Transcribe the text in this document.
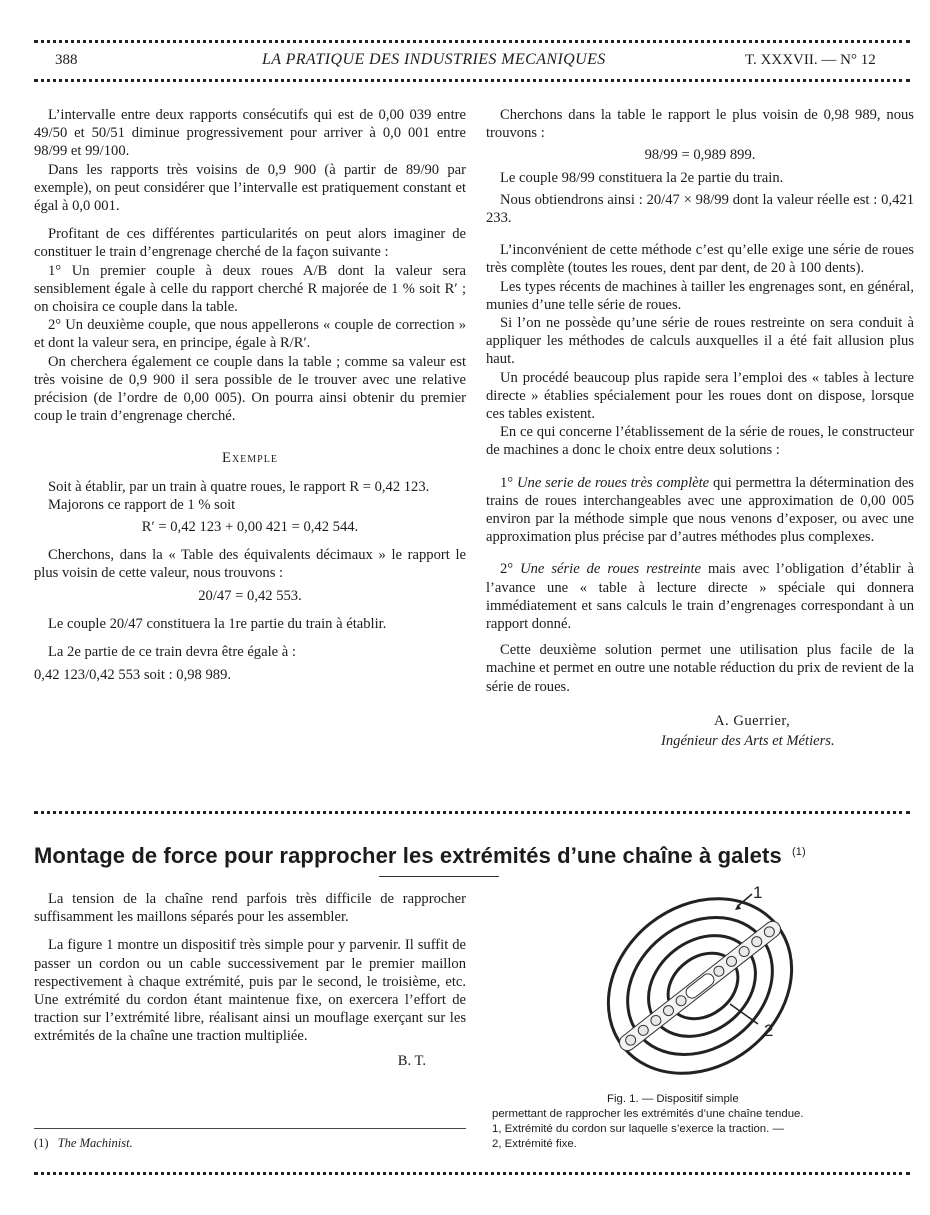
388	LA PRATIQUE DES INDUSTRIES MECANIQUES	T. XXXVII. — N° 12

L’intervalle entre deux rapports consécutifs qui est de 0,00 039 entre 49/50 et 50/51 diminue progressivement pour arriver à 0,0 001 entre 98/99 et 99/100.

Dans les rapports très voisins de 0,9 900 (à partir de 89/90 par exemple), on peut considérer que l’intervalle est pratiquement constant et égal à 0,0 001.

Profitant de ces différentes particularités on peut alors imaginer de constituer le train d’engrenage cherché de la façon suivante :

1° Un premier couple à deux roues A/B dont la valeur sera sensiblement égale à celle du rapport cherché R majorée de 1 % soit R′ ; on choisira ce couple dans la table.

2° Un deuxième couple, que nous appellerons « couple de correction » et dont la valeur sera, en principe, égale à R/R′.

On cherchera également ce couple dans la table ; comme sa valeur est très voisine de 0,9 900 il sera possible de le trouver avec une relative précision (de l’ordre de 0,00 005). On pourra ainsi obtenir du premier coup le train d’engrenage cherché.

Exemple

Soit à établir, par un train à quatre roues, le rapport R = 0,42 123.

Majorons ce rapport de 1 % soit

R′ = 0,42 123 + 0,00 421 = 0,42 544.

Cherchons, dans la « Table des équivalents décimaux » le rapport le plus voisin de cette valeur, nous trouvons :

20/47 = 0,42 553.

Le couple 20/47 constituera la 1re partie du train à établir.

La 2e partie de ce train devra être égale à :

0,42 123/0,42 553 soit : 0,98 989.

Cherchons dans la table le rapport le plus voisin de 0,98 989, nous trouvons :

98/99 = 0,989 899.

Le couple 98/99 constituera la 2e partie du train.

Nous obtiendrons ainsi : 20/47 × 98/99 dont la valeur réelle est : 0,421 233.

L’inconvénient de cette méthode c’est qu’elle exige une série de roues très complète (toutes les roues, dent par dent, de 20 à 100 dents).

Les types récents de machines à tailler les engrenages sont, en général, munies d’une telle série de roues.

Si l’on ne possède qu’une série de roues restreinte on sera conduit à appliquer les méthodes de calculs auxquelles il a été fait allusion plus haut.

Un procédé beaucoup plus rapide sera l’emploi des « tables à lecture directe » établies spécialement pour les roues dont on dispose, lorsque ces tables existent.

En ce qui concerne l’établissement de la série de roues, le constructeur de machines a donc le choix entre deux solutions :

1° Une serie de roues très complète qui permettra la détermination des trains de roues interchangeables avec une approximation de 0,00 005 environ par la méthode simple que nous venons d’exposer, ou avec une approximation plus précise par d’autres méthodes plus complexes.

2° Une série de roues restreinte mais avec l’obligation d’établir à l’avance une « table à lecture directe » spéciale qui donnera immédiatement et sans calculs le train d’engrenages correspondant à un rapport donné.

Cette deuxième solution permet une utilisation plus facile de la machine et permet en outre une notable réduction du prix de revient de la série de roues.

A. Guerrier,

Ingénieur des Arts et Métiers.

Montage de force pour rapprocher les extrémités d’une chaîne à galets $^{(1)}$

La tension de la chaîne rend parfois très difficile de rapprocher suffisamment les maillons séparés pour les assembler.

La figure 1 montre un dispositif très simple pour y parvenir. Il suffit de passer un cordon ou un cable successivement par le premier maillon respectivement à chaque extrémité, puis par le second, le troisième, etc. Une extrémité du cordon étant maintenue fixe, on exercera l’effort de traction sur l’extrémité libre, réalisant ainsi un mouflage exerçant sur les extrémités de la chaîne une traction multipliée.

B. T.

(1) The Machinist.
1
2
Fig. 1. — Dispositif simple
permettant de rapprocher les extrémités d’une chaîne tendue.
1, Extrémité du cordon sur laquelle s’exerce la traction. —
2, Extrémité fixe.
